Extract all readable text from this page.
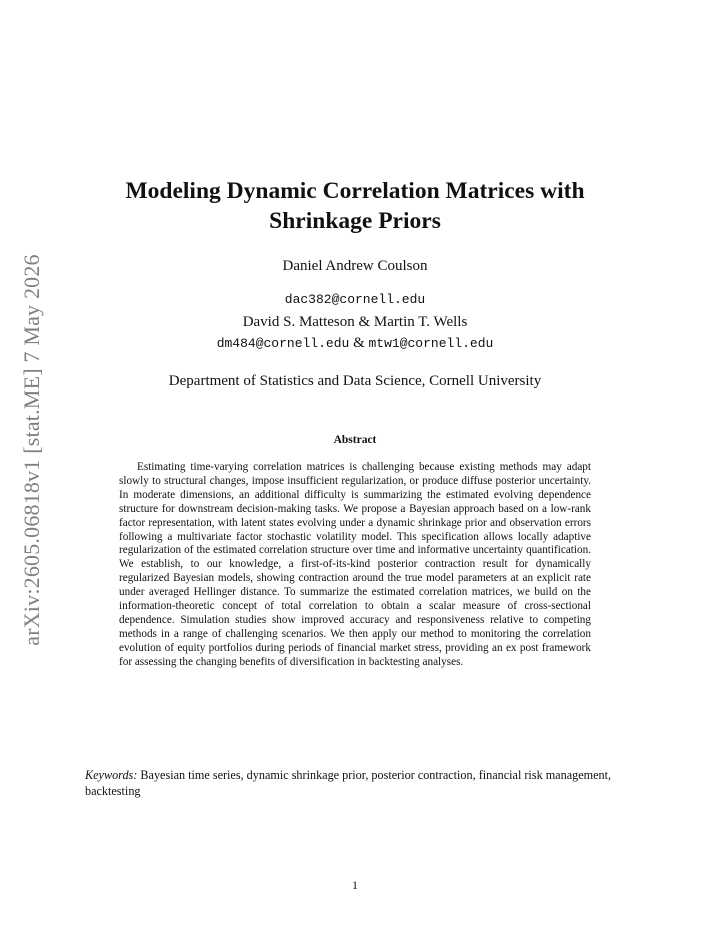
arXiv:2605.06818v1 [stat.ME] 7 May 2026
Modeling Dynamic Correlation Matrices with
Shrinkage Priors
Daniel Andrew Coulson
dac382@cornell.edu
David S. Matteson & Martin T. Wells
dm484@cornell.edu & mtw1@cornell.edu
Department of Statistics and Data Science, Cornell University
Abstract

Estimating time-varying correlation matrices is challenging because existing methods may adapt slowly to structural changes, impose insufficient regularization, or produce diffuse posterior uncertainty. In moderate dimensions, an additional difficulty is summarizing the estimated evolving dependence structure for downstream decision-making tasks. We propose a Bayesian approach based on a low-rank factor representation, with latent states evolving under a dynamic shrinkage prior and observation errors following a multivariate factor stochastic volatility model. This specification allows locally adaptive regularization of the estimated correlation structure over time and informative uncertainty quantification. We establish, to our knowledge, a first-of-its-kind posterior contraction result for dynamically regularized Bayesian models, showing contraction around the true model parameters at an explicit rate under averaged Hellinger distance. To summarize the estimated correlation matrices, we build on the information-theoretic concept of total correlation to obtain a scalar measure of cross-sectional dependence. Simulation studies show improved accuracy and responsiveness relative to competing methods in a range of challenging scenarios. We then apply our method to monitoring the correlation evolution of equity portfolios during periods of financial market stress, providing an ex post framework for assessing the changing benefits of diversification in backtesting analyses.

Keywords: Bayesian time series, dynamic shrinkage prior, posterior contraction, financial risk management, backtesting

1
